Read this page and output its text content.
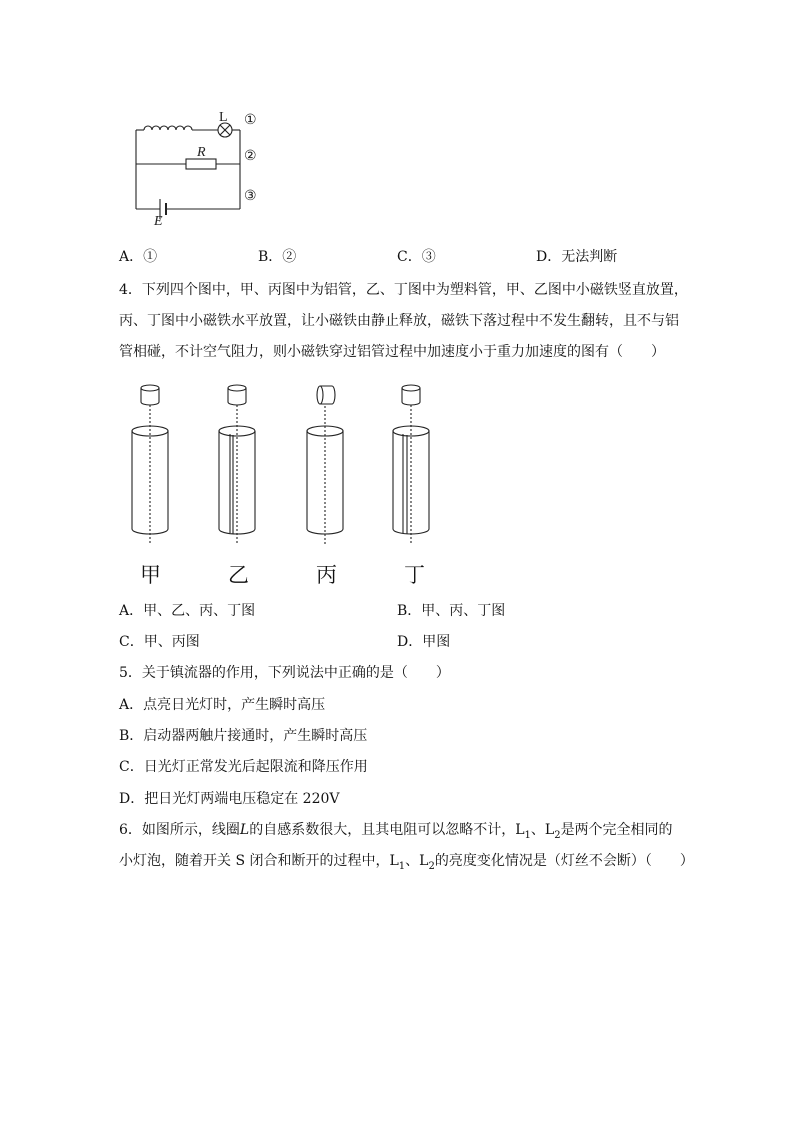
L
R
E
①
②
③
A．①	B．②	C．③	D．无法判断
4．下列四个图中，甲、丙图中为铝管，乙、丁图中为塑料管，甲、乙图中小磁铁竖直放置，
丙、丁图中小磁铁水平放置，让小磁铁由静止释放，磁铁下落过程中不发生翻转，且不与铝
管相碰，不计空气阻力，则小磁铁穿过铝管过程中加速度小于重力加速度的图有（　　）
甲	乙	丙	丁
A．甲、乙、丙、丁图	B．甲、丙、丁图
C．甲、丙图	D．甲图
5．关于镇流器的作用，下列说法中正确的是（　　）
A．点亮日光灯时，产生瞬时高压
B．启动器两触片接通时，产生瞬时高压
C．日光灯正常发光后起限流和降压作用
D．把日光灯两端电压稳定在 220V
6．如图所示，线圈L的自感系数很大，且其电阻可以忽略不计，$L_1$、$L_2$是两个完全相同的
小灯泡，随着开关 S 闭合和断开的过程中，$L_1$、$L_2$的亮度变化情况是（灯丝不会断）（　　）
